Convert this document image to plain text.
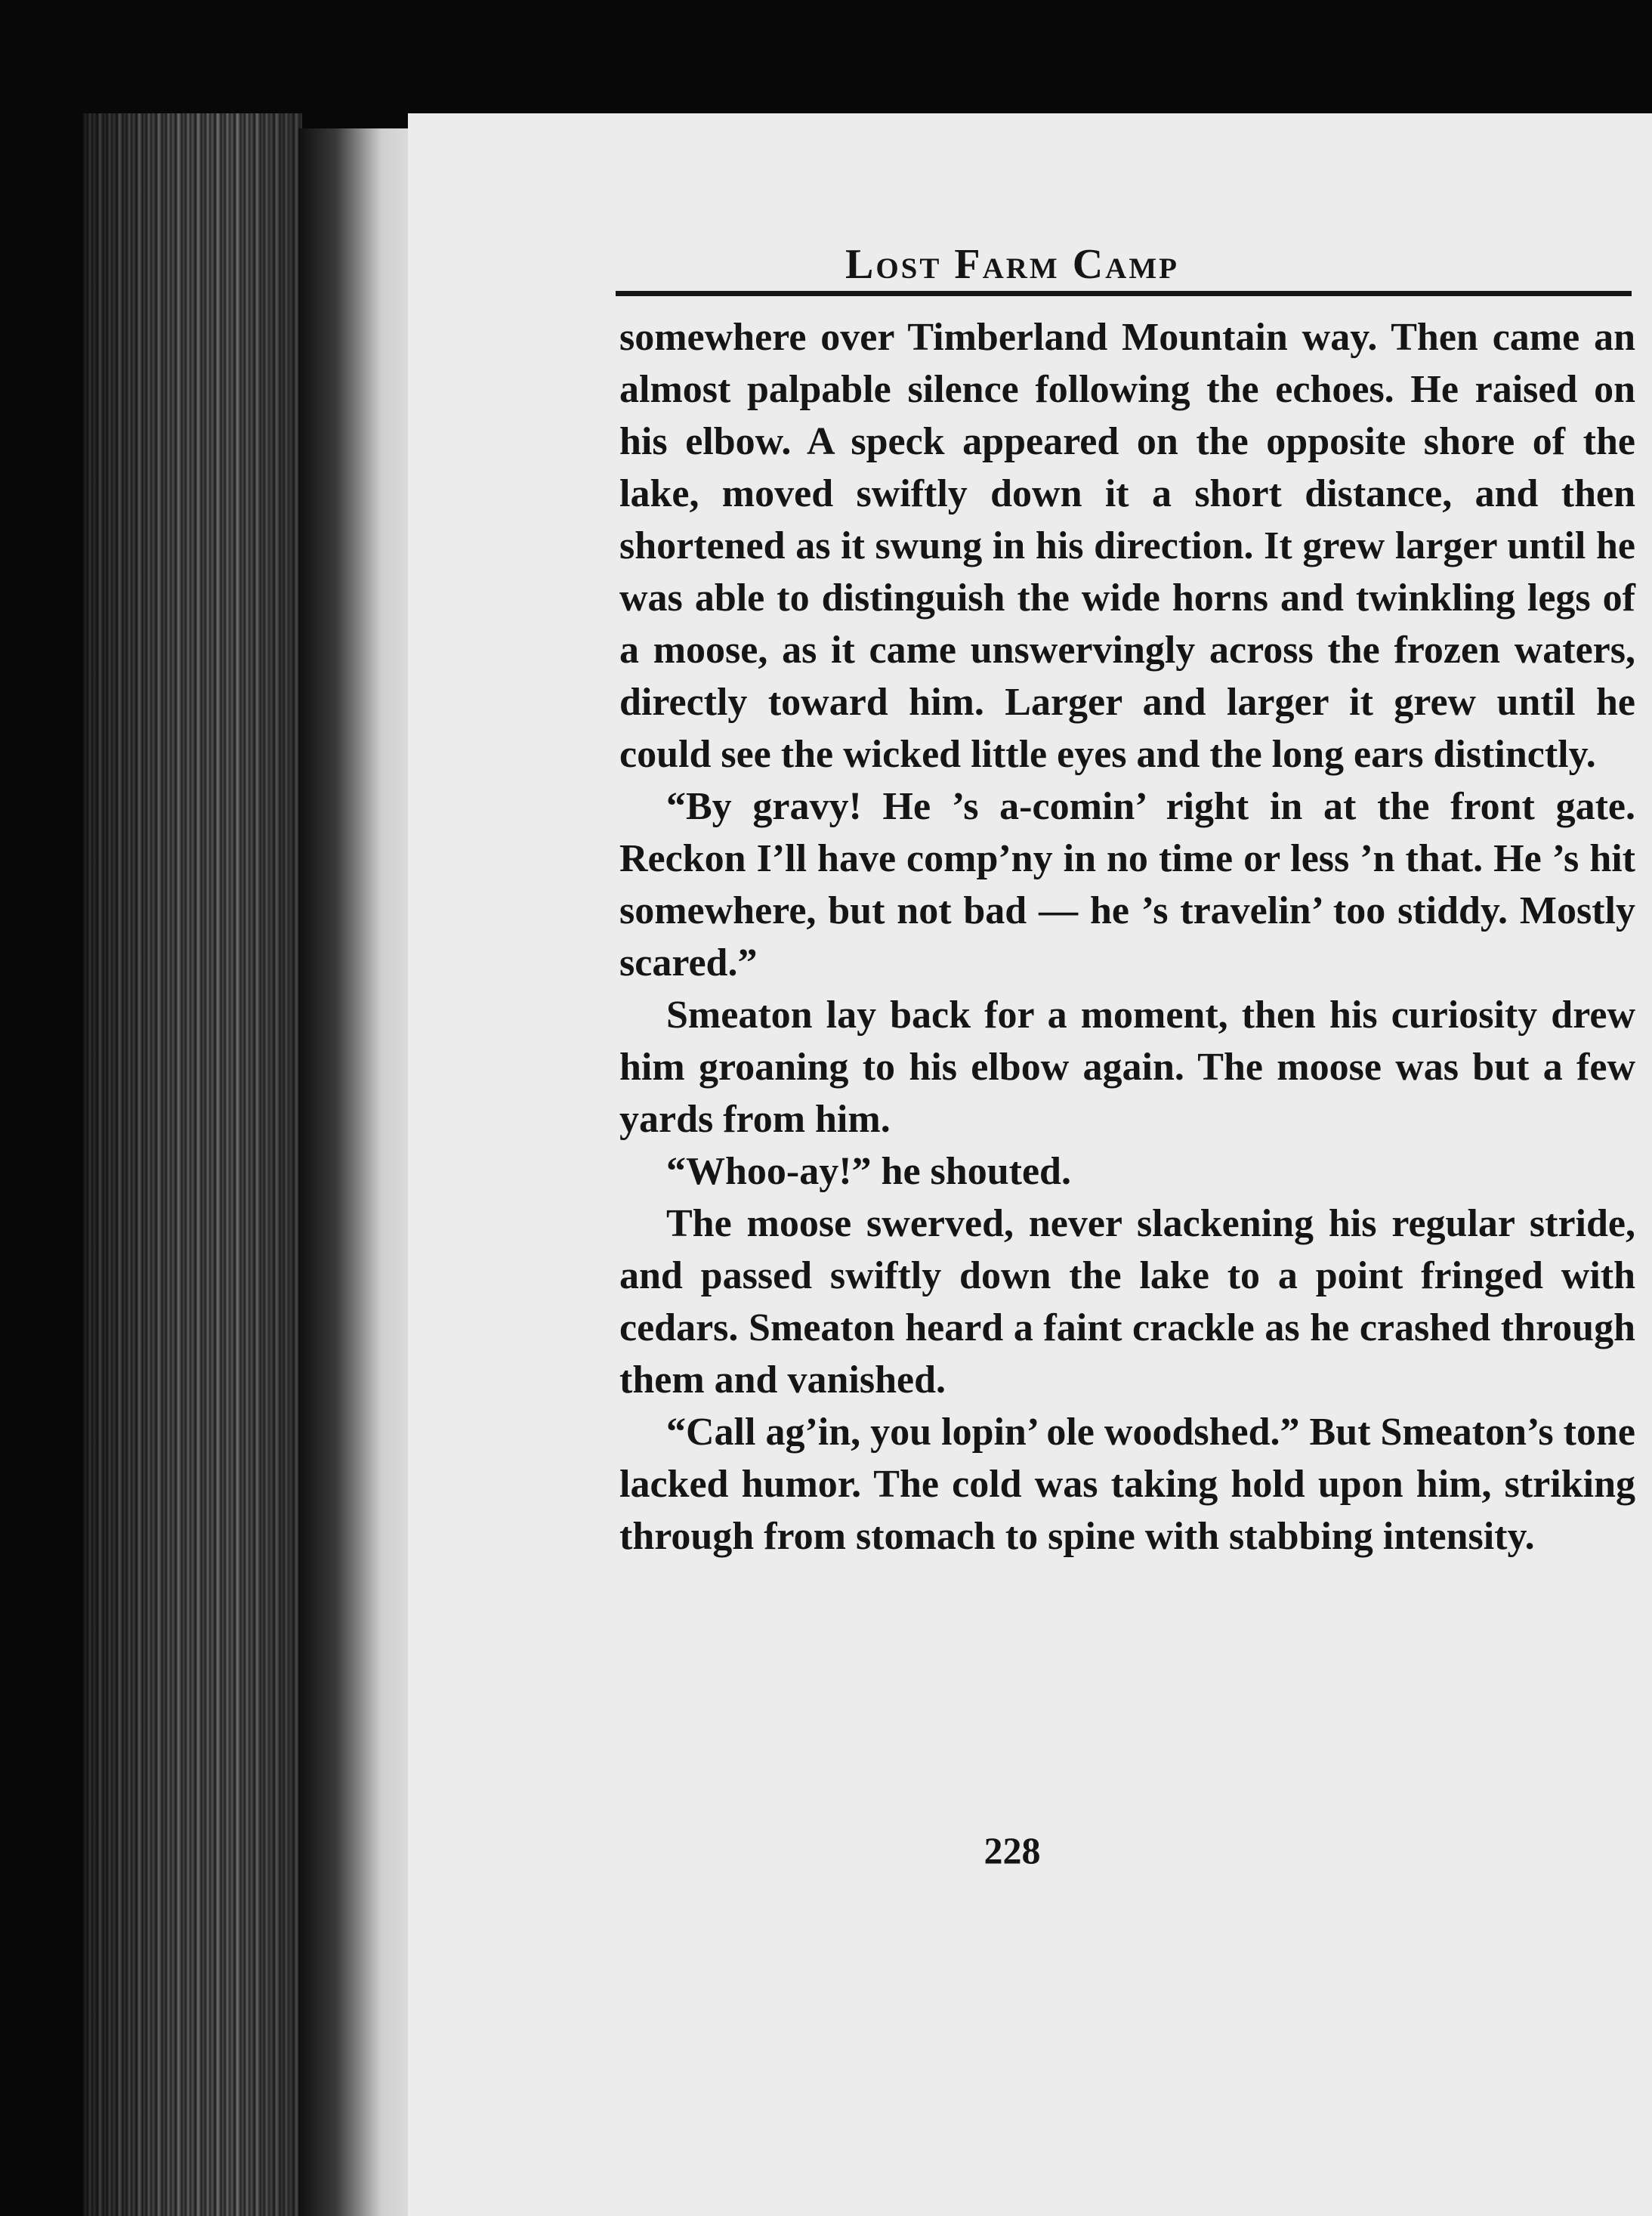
Lost Farm Camp

somewhere over Timberland Mountain way. Then came an almost palpable silence following the echoes. He raised on his elbow. A speck appeared on the opposite shore of the lake, moved swiftly down it a short distance, and then shortened as it swung in his direction. It grew larger until he was able to distinguish the wide horns and twinkling legs of a moose, as it came unswervingly across the frozen waters, directly toward him. Larger and larger it grew until he could see the wicked little eyes and the long ears distinctly.

“By gravy! He ’s a-comin’ right in at the front gate. Reckon I’ll have comp’ny in no time or less ’n that. He ’s hit somewhere, but not bad — he ’s travelin’ too stiddy. Mostly scared.”

Smeaton lay back for a moment, then his curiosity drew him groaning to his elbow again. The moose was but a few yards from him.

“Whoo-ay!” he shouted.

The moose swerved, never slackening his regular stride, and passed swiftly down the lake to a point fringed with cedars. Smeaton heard a faint crackle as he crashed through them and vanished.

“Call ag’in, you lopin’ ole woodshed.” But Smeaton’s tone lacked humor. The cold was taking hold upon him, striking through from stomach to spine with stabbing intensity.

228
